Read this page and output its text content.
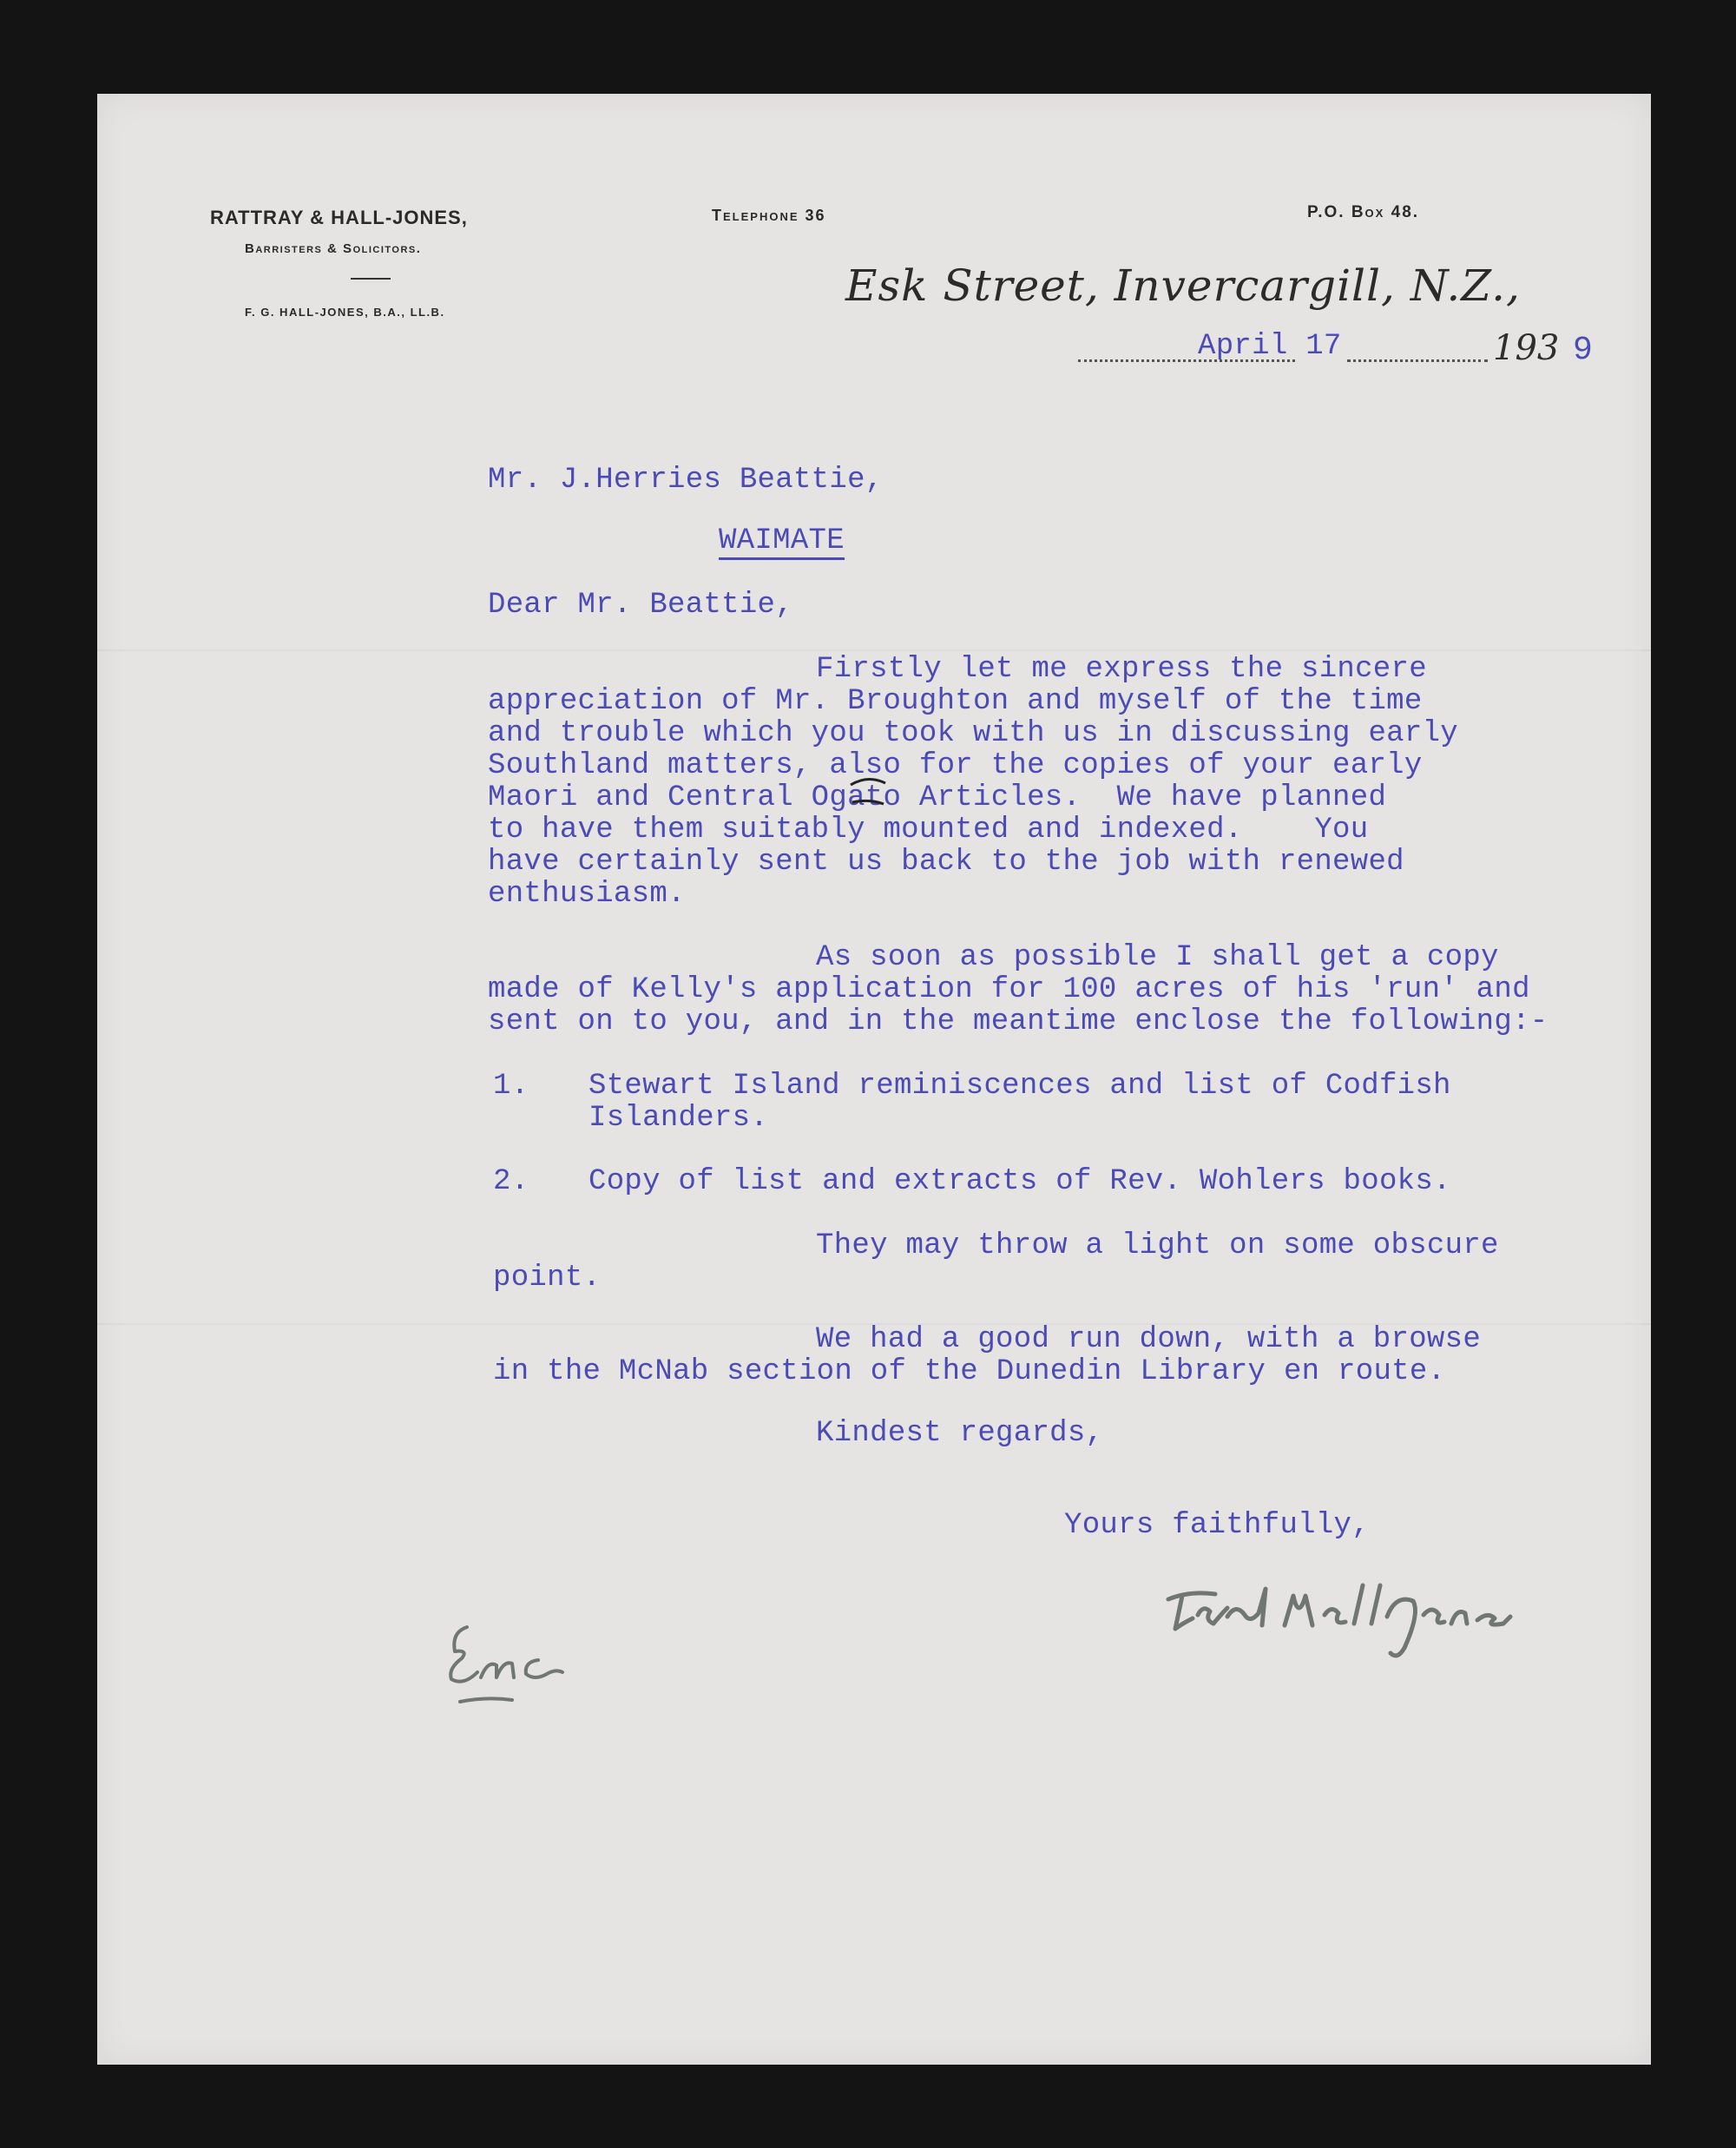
RATTRAY & HALL-JONES,
Barristers & Solicitors.
F. G. HALL-JONES, B.A., LL.B.
Telephone 36	P.O. Box 48.
Esk Street, Invercargill, N.Z.,
April 17	193 9
Mr. J.Herries Beattie,
WAIMATE
Dear Mr. Beattie,
Firstly let me express the sincere
appreciation of Mr. Broughton and myself of the time
and trouble which you took with us in discussing early
Southland matters, also for the copies of your early
Maori and Central Ogato Articles.  We have planned
to have them suitably mounted and indexed.    You
have certainly sent us back to the job with renewed
enthusiasm.
As soon as possible I shall get a copy
made of Kelly's application for 100 acres of his 'run' and
sent on to you, and in the meantime enclose the following:-
1. Stewart Island reminiscences and list of Codfish
Islanders.
2. Copy of list and extracts of Rev. Wohlers books.
They may throw a light on some obscure
point.
We had a good run down, with a browse
in the McNab section of the Dunedin Library en route.
Kindest regards,
Yours faithfully,
